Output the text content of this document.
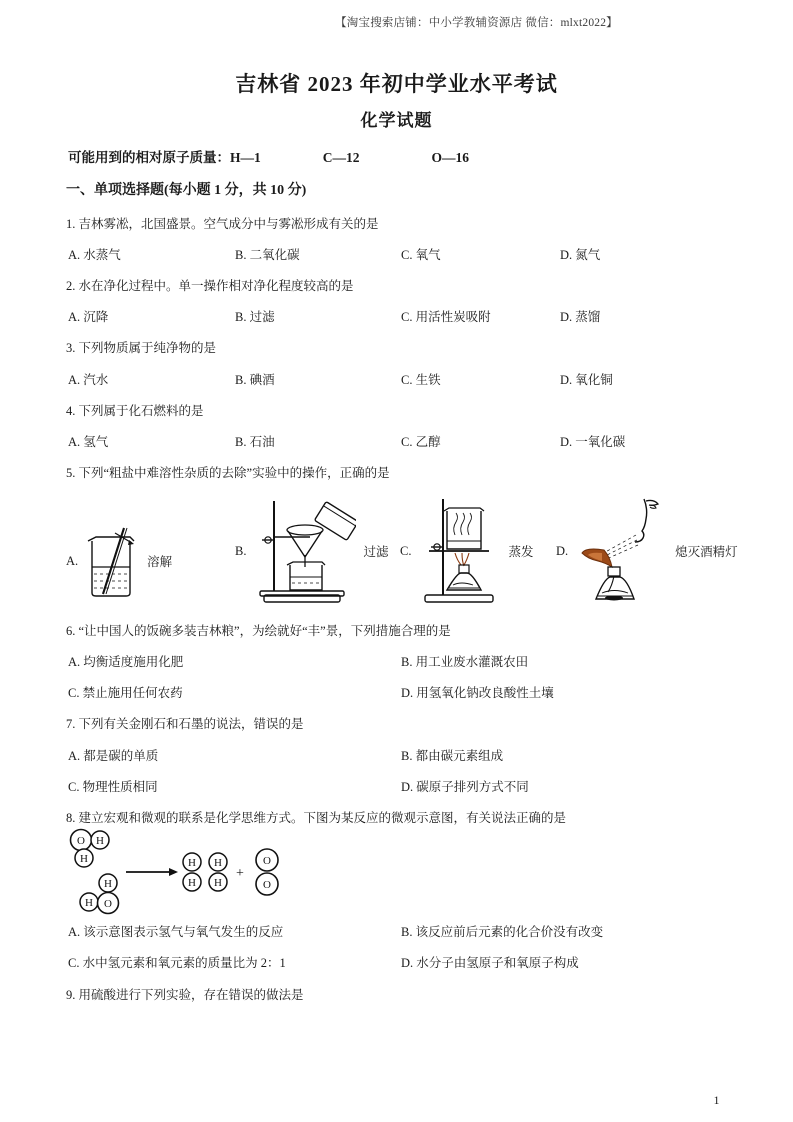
【淘宝搜索店铺：中小学教辅资源店 微信：mlxt2022】
吉林省 2023 年初中学业水平考试
化学试题
可能用到的相对原子质量：H—1	C—12	O—16
一、单项选择题(每小题 1 分，共 10 分)
1. 吉林雾凇，北国盛景。空气成分中与雾凇形成有关的是
A. 水蒸气	B. 二氧化碳	C. 氧气	D. 氮气
2. 水在净化过程中。单一操作相对净化程度较高的是
A. 沉降	B. 过滤	C. 用活性炭吸附	D. 蒸馏
3. 下列物质属于纯净物的是
A. 汽水	B. 碘酒	C. 生铁	D. 氧化铜
4. 下列属于化石燃料的是
A. 氢气	B. 石油	C. 乙醇	D. 一氧化碳
5. 下列“粗盐中难溶性杂质的去除”实验中的操作，正确的是
A.	溶解
B.	过滤 C.	蒸发 D.	熄灭酒精灯
6. “让中国人的饭碗多装吉林粮”，为绘就好“丰”景，下列措施合理的是
A. 均衡适度施用化肥	B. 用工业废水灌溉农田
C. 禁止施用任何农药	D. 用氢氧化钠改良酸性土壤
7. 下列有关金刚石和石墨的说法，错误的是
A. 都是碳的单质	B. 都由碳元素组成
C. 物理性质相同	D. 碳原子排列方式不同
8. 建立宏观和微观的联系是化学思维方式。下图为某反应的微观示意图，有关说法正确的是
O H
H
H
H O
H
H
H
H
+
O
O
A. 该示意图表示氢气与氧气发生的反应	B. 该反应前后元素的化合价没有改变
C. 水中氢元素和氧元素的质量比为 2：1	D. 水分子由氢原子和氧原子构成
9. 用硫酸进行下列实验，存在错误的做法是
1
